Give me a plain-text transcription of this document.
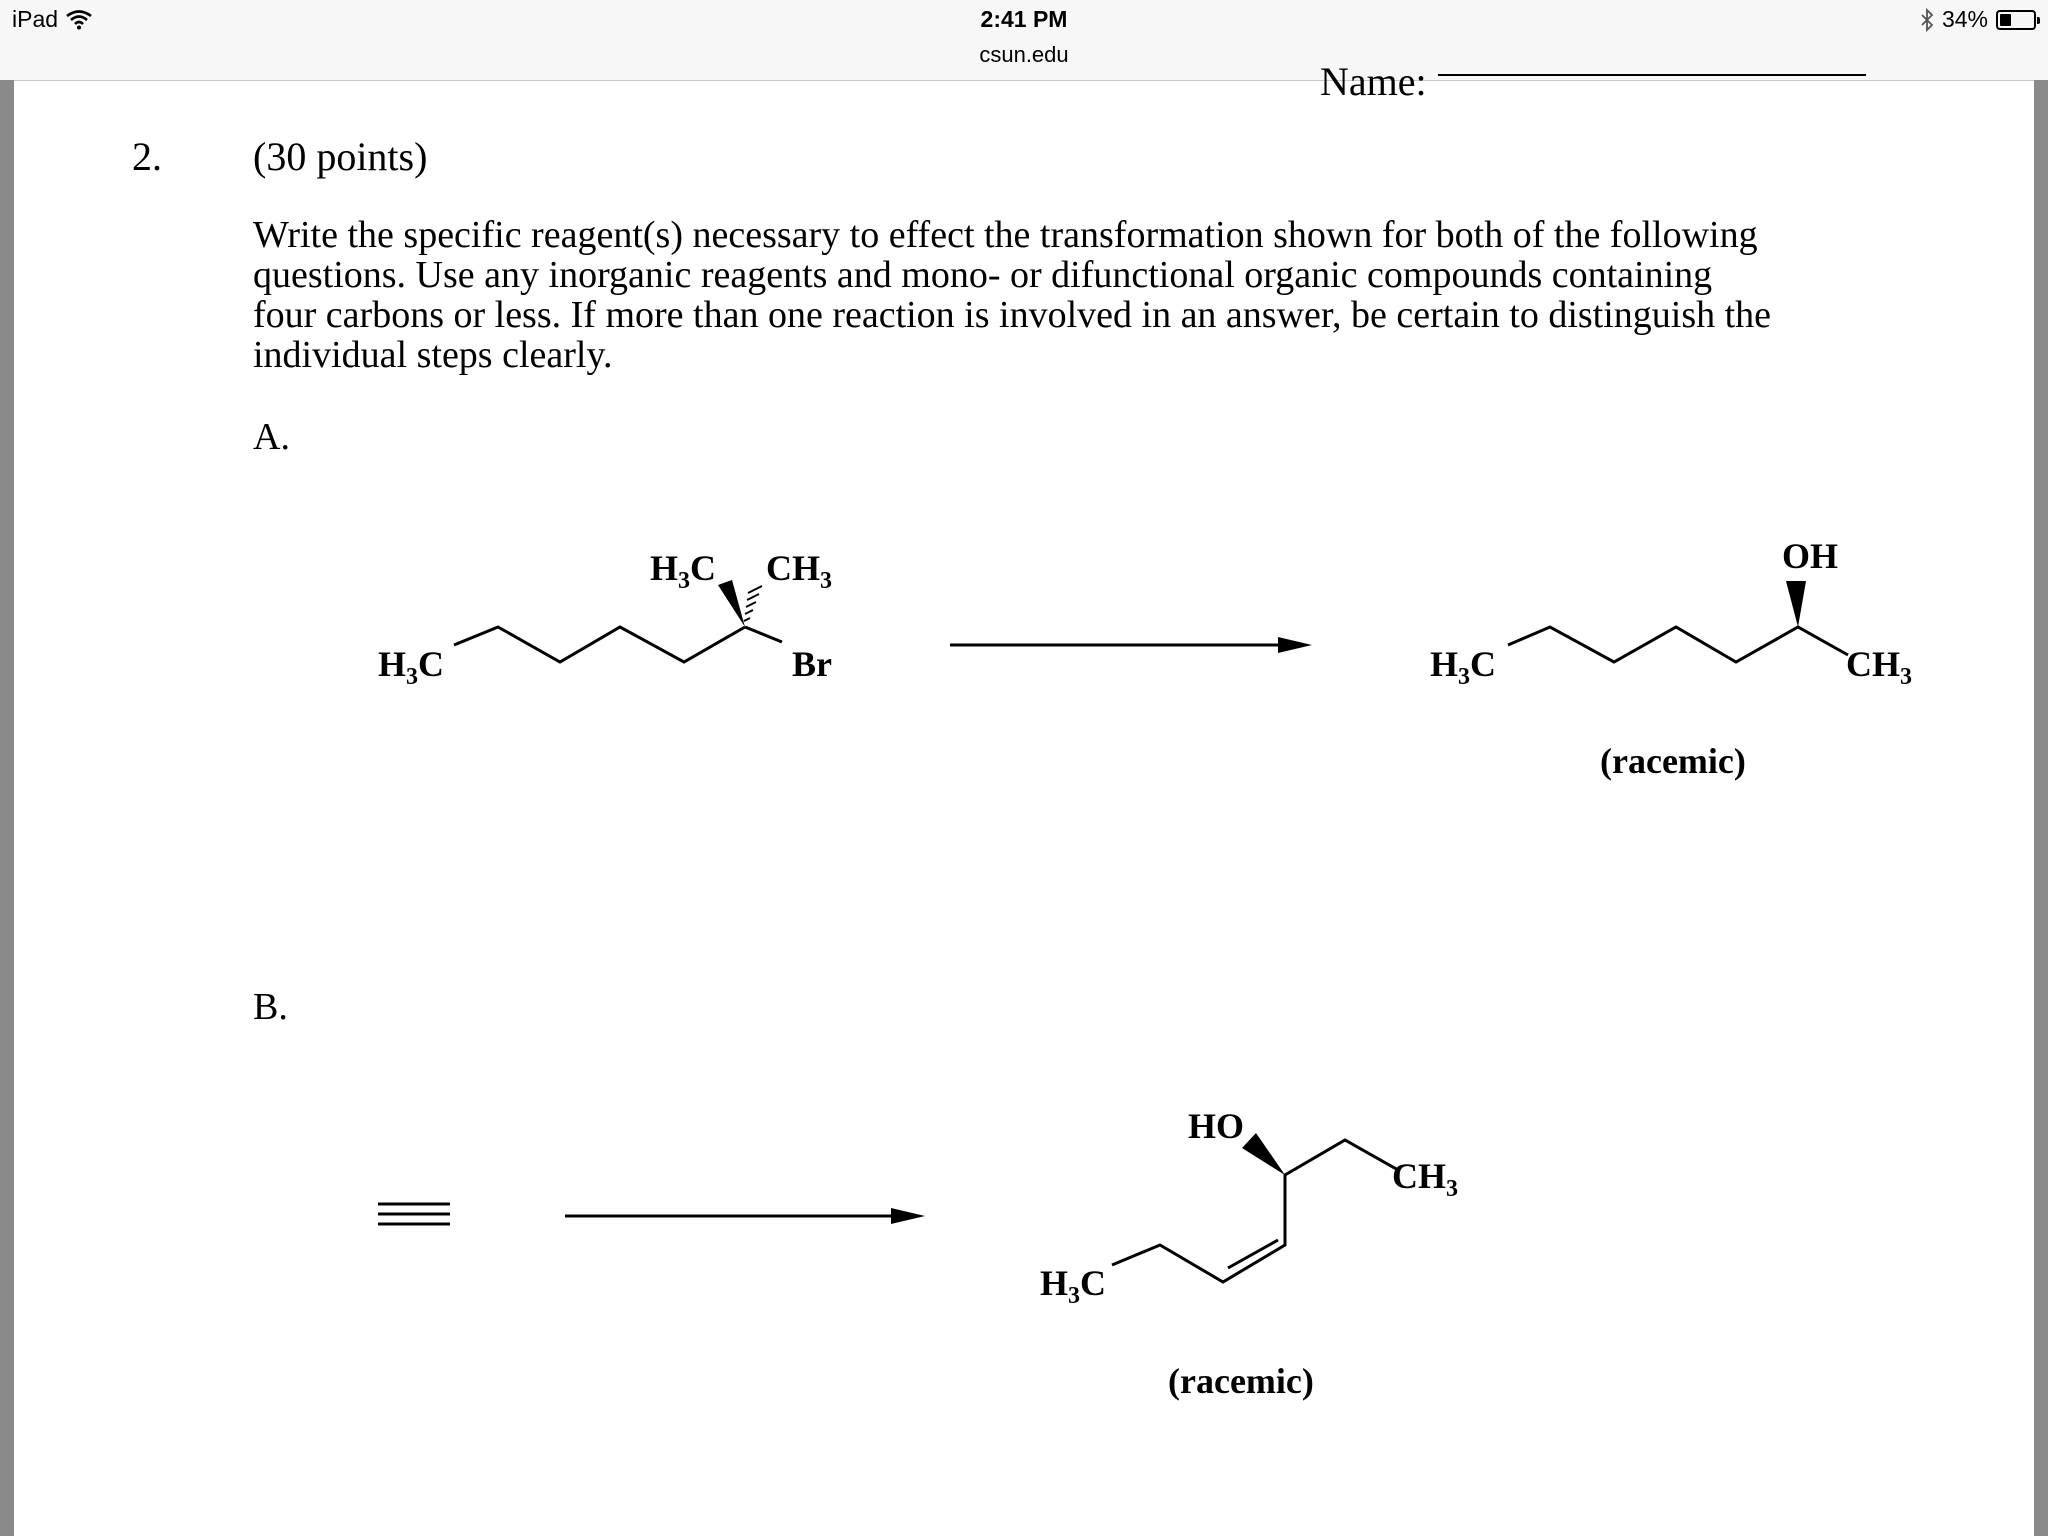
iPad	2:41 PM
csun.edu
34%
Name:
2. (30 points)
Write the specific reagent(s) necessary to effect the transformation shown for both of the following
questions. Use any inorganic reagents and mono- or difunctional organic compounds containing
four carbons or less. If more than one reaction is involved in an answer, be certain to distinguish the
individual steps clearly.
A.
B.
$H_3C$
$H_3C$ $CH_3$
Br	$H_3C$
OH
$CH_3$
(racemic)
HO
$CH_3$
$H_3C$
(racemic)
